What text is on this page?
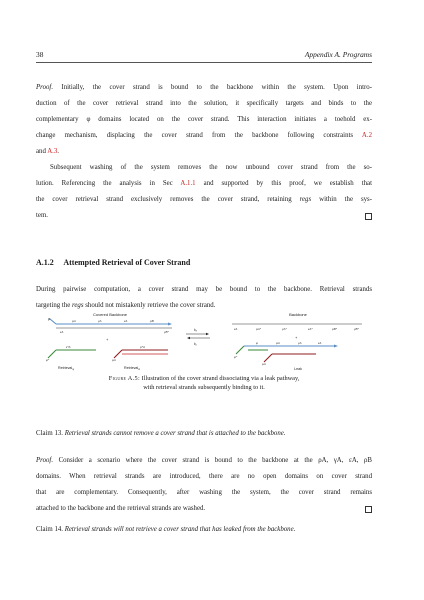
38	Appendix A. Programs
Proof. Initially, the cover strand is bound to the backbone within the system. Upon intro-
duction of the cover retrieval strand into the solution, it specifically targets and binds to the
complementary φ domains located on the cover strand. This interaction initiates a toehold ex-
change mechanism, displacing the cover strand from the backbone following constraints A.2
and A.3.
Subsequent washing of the system removes the now unbound cover strand from the so-
lution. Referencing the analysis in Sec A.1.1 and supported by this proof, we establish that
the cover retrieval strand exclusively removes the cover strand, retaining regs within the sys-
tem.
A.1.2 Attempted Retrieval of Cover Strand
During pairwise computation, a cover strand may be bound to the backbone. Retrieval strands
targeting the regs should not mistakenly retrieve the cover strand.
Covered Backbone
φ	ρA	γA	εA	ρB
εA	γB*
+
φ*
ε*A
Retrieval$_\varphi$
ρA
ρ*A
Retrieval$_A$
$k_f$
$k_r$
Backbone
εA	ρA*	γA*	εA*	ρB*	γB*
+
φ	ρA	γA	εA
φ*
ρA
Leak
Figure A.5: Illustration of the cover strand dissociating via a leak pathway,
with retrieval strands subsequently binding to it.
Claim 13. Retrieval strands cannot remove a cover strand that is attached to the backbone.
Proof. Consider a scenario where the cover strand is bound to the backbone at the ρA, γA, εA, ρB
domains. When retrieval strands are introduced, there are no open domains on cover strand
that are complementary. Consequently, after washing the system, the cover strand remains
attached to the backbone and the retrieval strands are washed.
Claim 14. Retrieval strands will not retrieve a cover strand that has leaked from the backbone.
